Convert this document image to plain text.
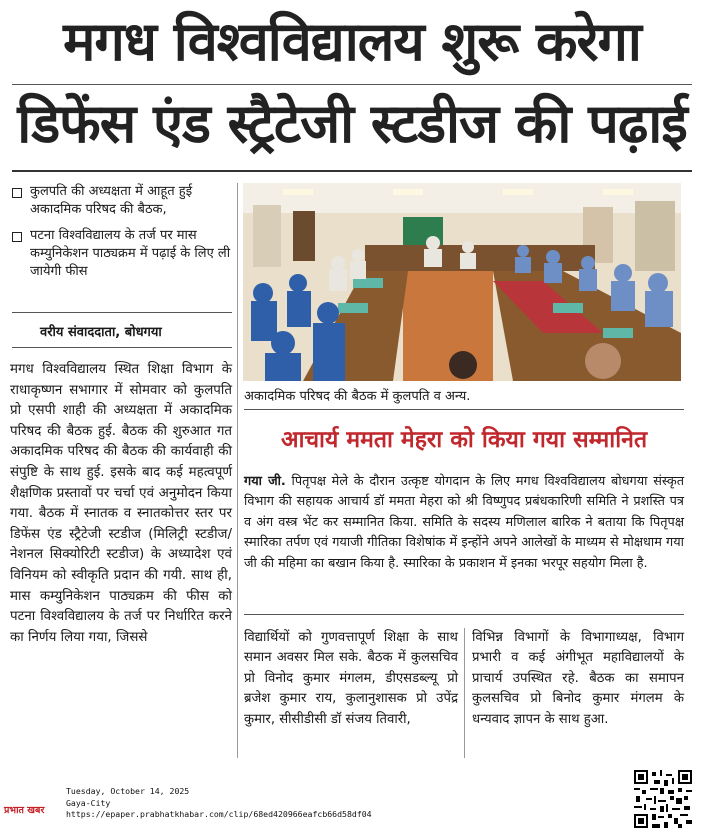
मगध विश्वविद्यालय शुरू करेगा
डिफेंस एंड स्ट्रैटेजी स्टडीज की पढ़ाई
कुलपति की अध्यक्षता में आहूत हुई अकादमिक परिषद की बैठक,
पटना विश्वविद्यालय के तर्ज पर मास कम्युनिकेशन पाठ्यक्रम में पढ़ाई के लिए ली जायेगी फीस
वरीय संवाददाता, बोधगया
मगध विश्वविद्यालय स्थित शिक्षा विभाग के राधाकृष्णन सभागार में सोमवार को कुलपति प्रो एसपी शाही की अध्यक्षता में अकादमिक परिषद की बैठक हुई. बैठक की शुरुआत गत अकादमिक परिषद की बैठक की कार्यवाही की संपुष्टि के साथ हुई. इसके बाद कई महत्वपूर्ण शैक्षणिक प्रस्तावों पर चर्चा एवं अनुमोदन किया गया. बैठक में स्नातक व स्नातकोत्तर स्तर पर डिफेंस एंड स्ट्रैटेजी स्टडीज (मिलिट्री स्टडीज/नेशनल सिक्योरिटी स्टडीज) के अध्यादेश एवं विनियम को स्वीकृति प्रदान की गयी. साथ ही, मास कम्युनिकेशन पाठ्यक्रम की फीस को पटना विश्वविद्यालय के तर्ज पर निर्धारित करने का निर्णय लिया गया, जिससे
अकादमिक परिषद की बैठक में कुलपति व अन्य.
आचार्य ममता मेहरा को किया गया सम्मानित
गया जी. पितृपक्ष मेले के दौरान उत्कृष्ट योगदान के लिए मगध विश्वविद्यालय बोधगया संस्कृत विभाग की सहायक आचार्य डॉ ममता मेहरा को श्री विष्णुपद प्रबंधकारिणी समिति ने प्रशस्ति पत्र व अंग वस्त्र भेंट कर सम्मानित किया. समिति के सदस्य मणिलाल बारिक ने बताया कि पितृपक्ष स्मारिका तर्पण एवं गयाजी गीतिका विशेषांक में इन्होंने अपने आलेखों के माध्यम से मोक्षधाम गया जी की महिमा का बखान किया है. स्मारिका के प्रकाशन में इनका भरपूर सहयोग मिला है.
विद्यार्थियों को गुणवत्तापूर्ण शिक्षा के साथ समान अवसर मिल सके. बैठक में कुलसचिव प्रो विनोद कुमार मंगलम, डीएसडब्ल्यू प्रो ब्रजेश कुमार राय, कुलानुशासक प्रो उपेंद्र कुमार, सीसीडीसी डॉ संजय तिवारी,
विभिन्न विभागों के विभागाध्यक्ष, विभाग प्रभारी व कई अंगीभूत महाविद्यालयों के प्राचार्य उपस्थित रहे. बैठक का समापन कुलसचिव प्रो बिनोद कुमार मंगलम के धन्यवाद ज्ञापन के साथ हुआ.
प्रभात खबर
Tuesday, October 14, 2025
Gaya-City
https://epaper.prabhatkhabar.com/clip/68ed420966eafcb66d58df04
